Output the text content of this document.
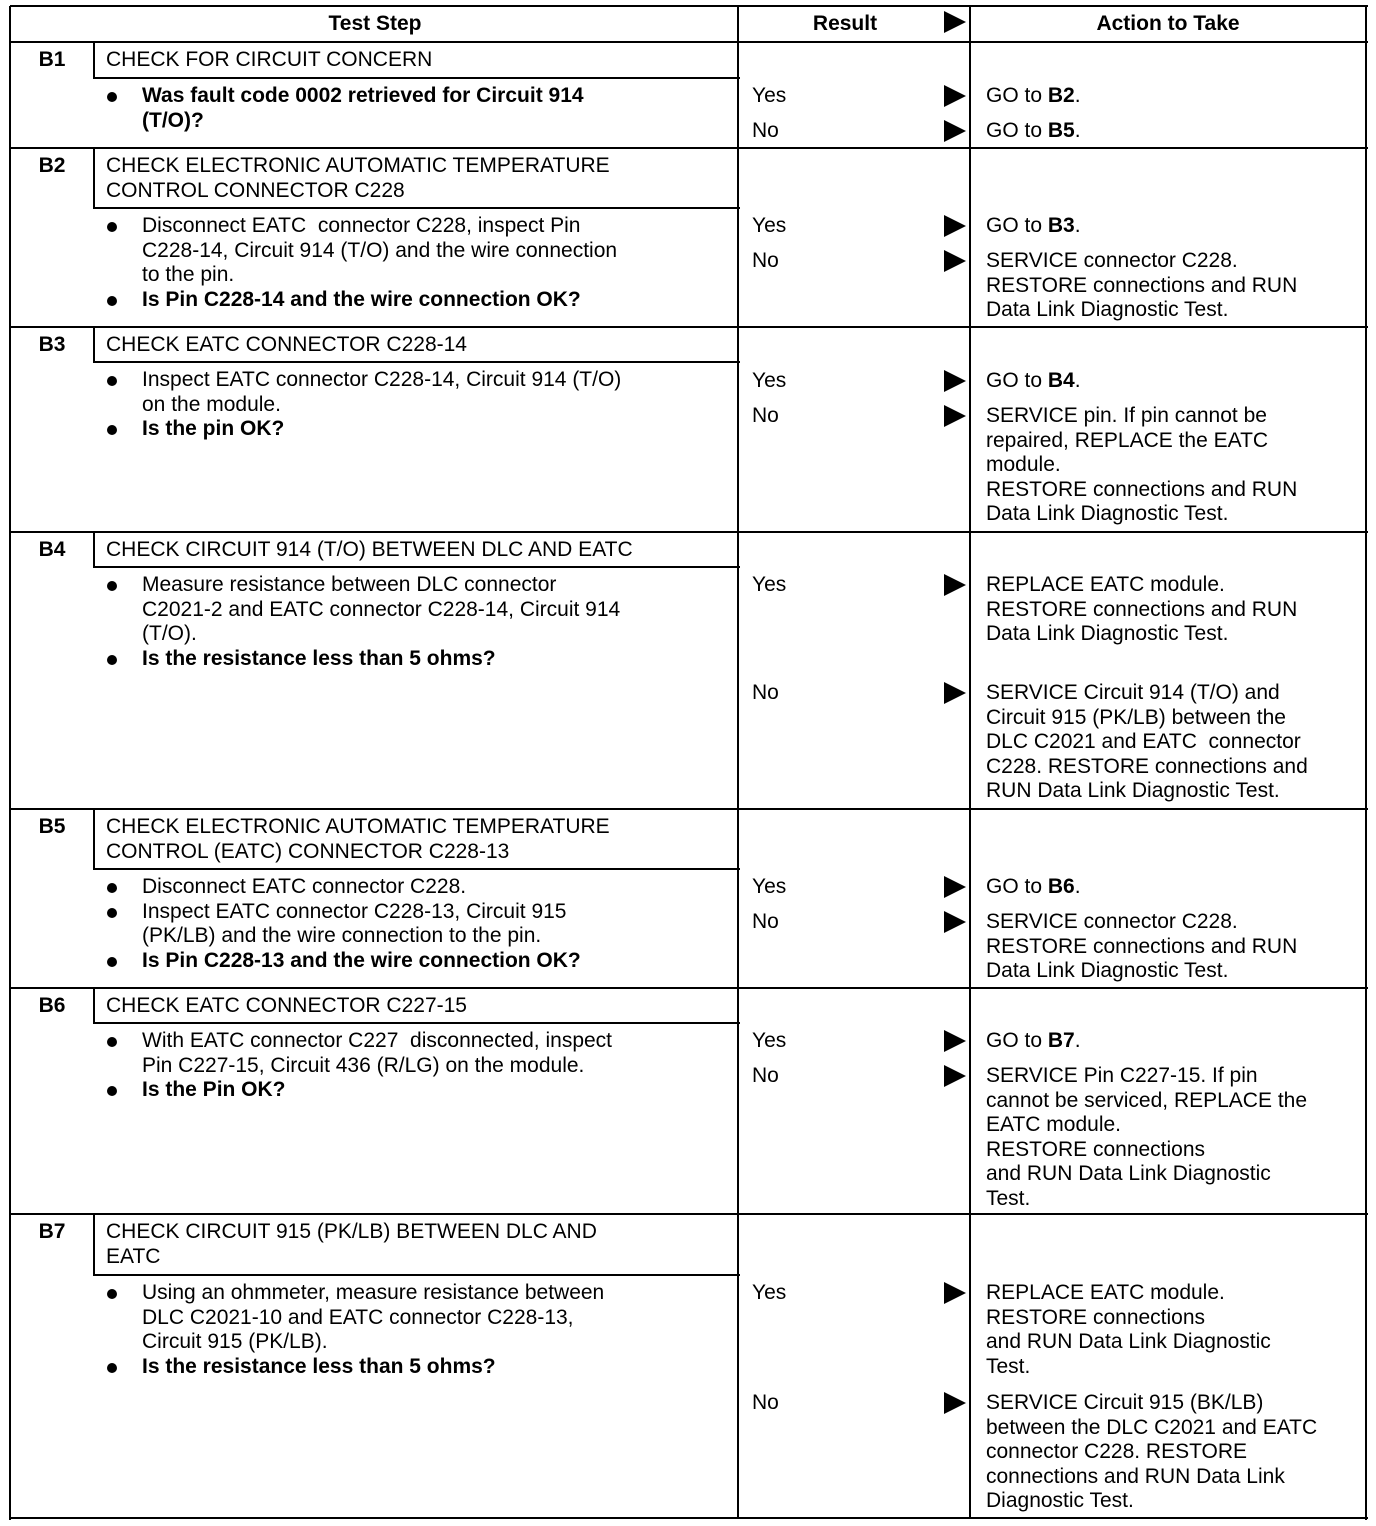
Test Step	Result	Action to Take
B1	CHECK FOR CIRCUIT CONCERN
Was fault code 0002 retrieved for Circuit 914
(T/O)?
Yes	GO to B2.
No	GO to B5.
B2	CHECK ELECTRONIC AUTOMATIC TEMPERATURE
CONTROL CONNECTOR C228
Disconnect EATC  connector C228, inspect Pin
C228-14, Circuit 914 (T/O) and the wire connection
to the pin.
Is Pin C228-14 and the wire connection OK?
Yes	GO to B3.
No	SERVICE connector C228.
RESTORE connections and RUN
Data Link Diagnostic Test.
B3	CHECK EATC CONNECTOR C228-14
Inspect EATC connector C228-14, Circuit 914 (T/O)
on the module.
Is the pin OK?
Yes	GO to B4.
No	SERVICE pin. If pin cannot be
repaired, REPLACE the EATC
module.
RESTORE connections and RUN
Data Link Diagnostic Test.
B4	CHECK CIRCUIT 914 (T/O) BETWEEN DLC AND EATC
Measure resistance between DLC connector
C2021-2 and EATC connector C228-14, Circuit 914
(T/O).
Is the resistance less than 5 ohms?
Yes	REPLACE EATC module.
RESTORE connections and RUN
Data Link Diagnostic Test.
No	SERVICE Circuit 914 (T/O) and
Circuit 915 (PK/LB) between the
DLC C2021 and EATC  connector
C228. RESTORE connections and
RUN Data Link Diagnostic Test.
B5	CHECK ELECTRONIC AUTOMATIC TEMPERATURE
CONTROL (EATC) CONNECTOR C228-13
Disconnect EATC connector C228.
Inspect EATC connector C228-13, Circuit 915
(PK/LB) and the wire connection to the pin.
Is Pin C228-13 and the wire connection OK?
Yes	GO to B6.
No	SERVICE connector C228.
RESTORE connections and RUN
Data Link Diagnostic Test.
B6	CHECK EATC CONNECTOR C227-15
With EATC connector C227  disconnected, inspect
Pin C227-15, Circuit 436 (R/LG) on the module.
Is the Pin OK?
Yes	GO to B7.
No	SERVICE Pin C227-15. If pin
cannot be serviced, REPLACE the
EATC module.
RESTORE connections
and RUN Data Link Diagnostic
Test.
B7	CHECK CIRCUIT 915 (PK/LB) BETWEEN DLC AND
EATC
Using an ohmmeter, measure resistance between
DLC C2021-10 and EATC connector C228-13,
Circuit 915 (PK/LB).
Is the resistance less than 5 ohms?
Yes	REPLACE EATC module.
RESTORE connections
and RUN Data Link Diagnostic
Test.
No	SERVICE Circuit 915 (BK/LB)
between the DLC C2021 and EATC
connector C228. RESTORE
connections and RUN Data Link
Diagnostic Test.
